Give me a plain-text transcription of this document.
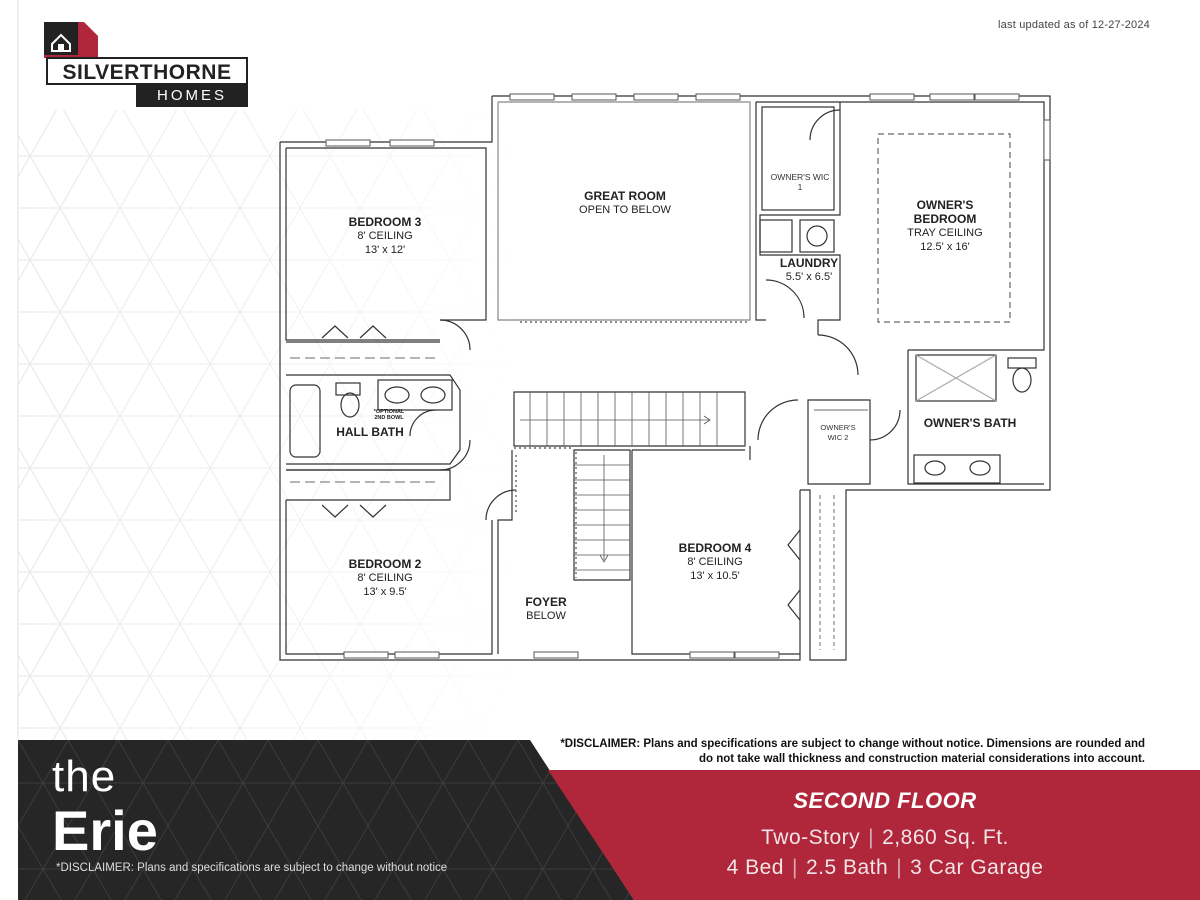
last updated as of 12-27-2024
SILVERTHORNE
HOMES
BEDROOM 3
8' CEILING
13' x 12'
GREAT ROOM
OPEN TO BELOW
OWNER'S WIC 1
LAUNDRY
5.5' x 6.5'
OWNER'S
BEDROOM
TRAY CEILING
12.5' x 16'
HALL BATH
*OPTIONAL 2ND BOWL	OWNER'S BATH
OWNER'S WIC 2
BEDROOM 2
8' CEILING
13' x 9.5'
BEDROOM 4
8' CEILING
13' x 10.5'
FOYER
BELOW
the
Erie
*DISCLAIMER: Plans and specifications are subject to change without notice
*DISCLAIMER: Plans and specifications are subject to change without notice. Dimensions are rounded and do not take wall thickness and construction material considerations into account.
SECOND FLOOR
Two-Story | 2,860 Sq. Ft.
4 Bed | 2.5 Bath | 3 Car Garage
